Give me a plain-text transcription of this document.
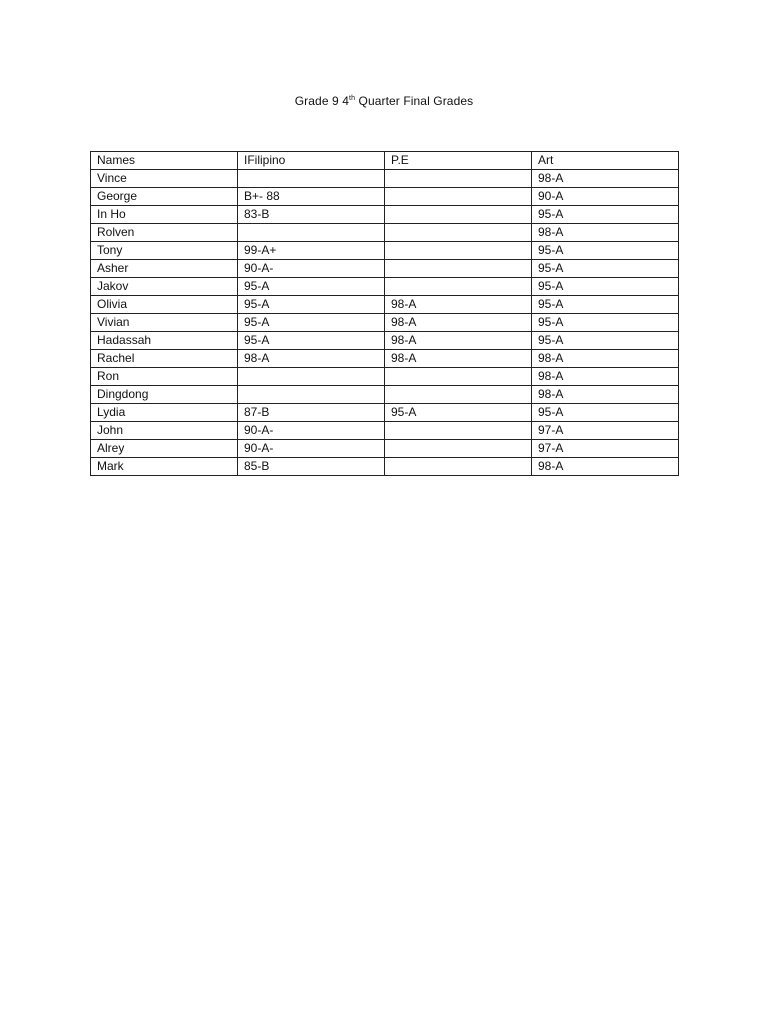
Grade 9 4th Quarter Final Grades
Names	IFilipino	P.E	Art
Vince			98-A
George	B+- 88		90-A
In Ho	83-B		95-A
Rolven			98-A
Tony	99-A+		95-A
Asher	90-A-		95-A
Jakov	95-A		95-A
Olivia	95-A	98-A	95-A
Vivian	95-A	98-A	95-A
Hadassah	95-A	98-A	95-A
Rachel	98-A	98-A	98-A
Ron			98-A
Dingdong			98-A
Lydia	87-B	95-A	95-A
John	90-A-		97-A
Alrey	90-A-		97-A
Mark	85-B		98-A
